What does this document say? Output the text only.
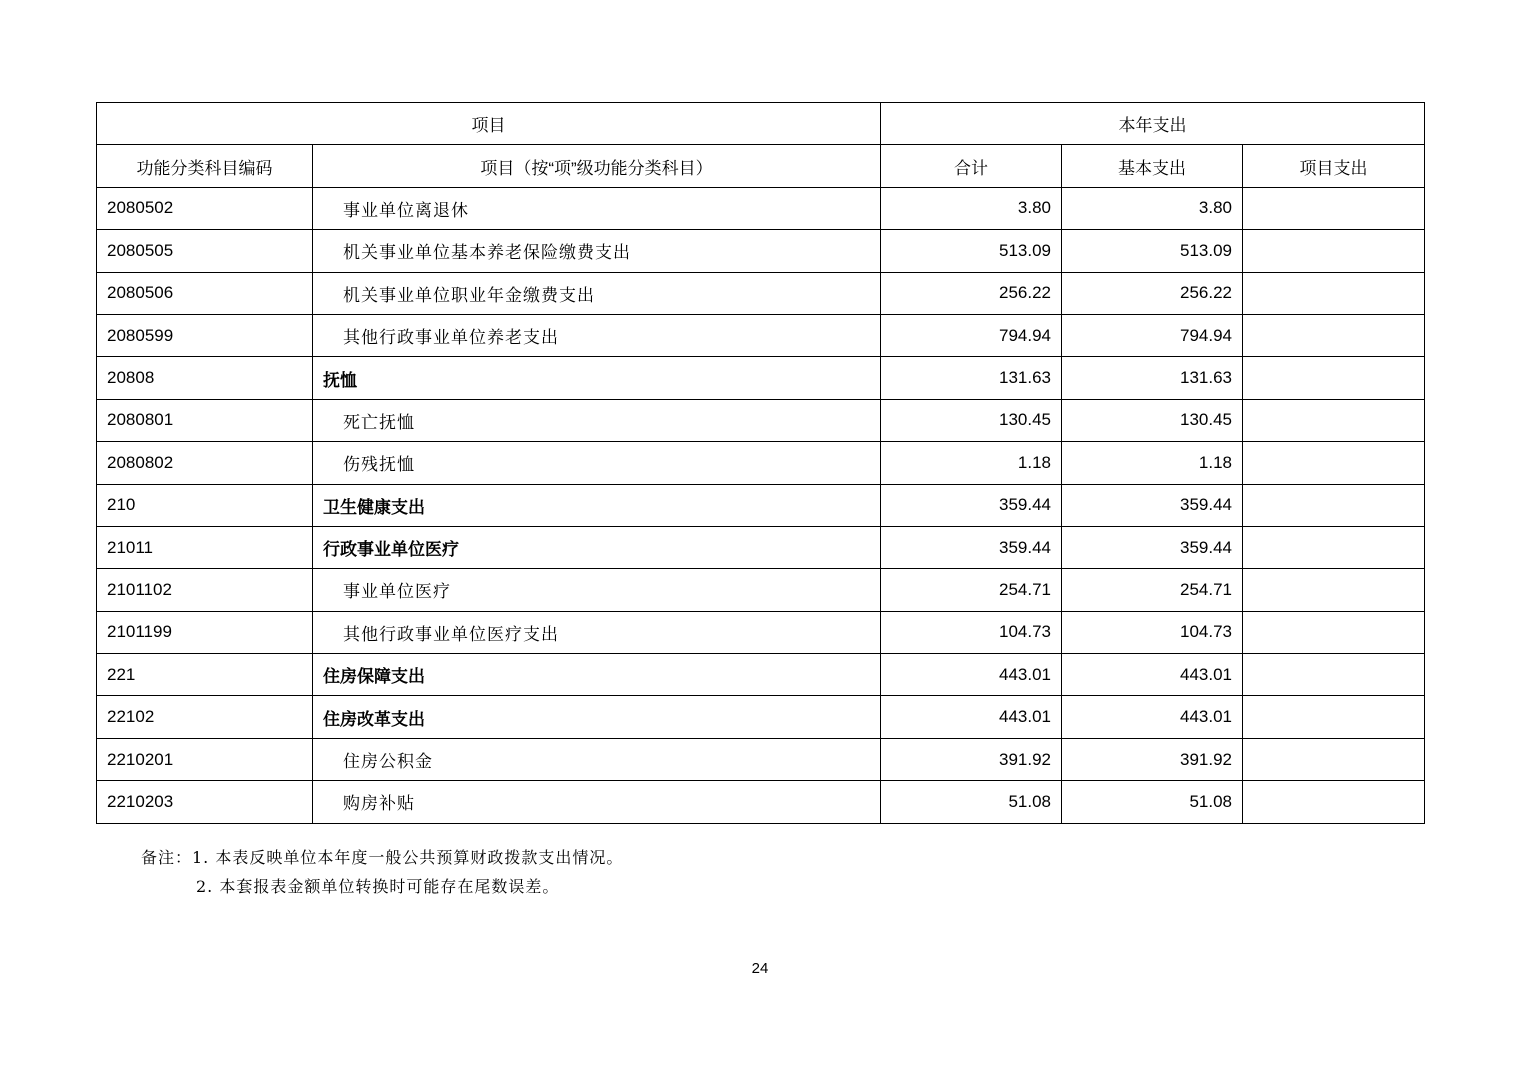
项目		本年支出		
功能分类科目编码	项目（按“项”级功能分类科目）	合计	基本支出	项目支出
2080502	事业单位离退休	3.80	3.80	
2080505	机关事业单位基本养老保险缴费支出	513.09	513.09	
2080506	机关事业单位职业年金缴费支出	256.22	256.22	
2080599	其他行政事业单位养老支出	794.94	794.94	
20808	抚恤	131.63	131.63	
2080801	死亡抚恤	130.45	130.45	
2080802	伤残抚恤	1.18	1.18	
210	卫生健康支出	359.44	359.44	
21011	行政事业单位医疗	359.44	359.44	
2101102	事业单位医疗	254.71	254.71	
2101199	其他行政事业单位医疗支出	104.73	104.73	
221	住房保障支出	443.01	443.01	
22102	住房改革支出	443.01	443.01	
2210201	住房公积金	391.92	391.92	
2210203	购房补贴	51.08	51.08	
备注：1. 本表反映单位本年度一般公共预算财政拨款支出情况。
2. 本套报表金额单位转换时可能存在尾数误差。
24
